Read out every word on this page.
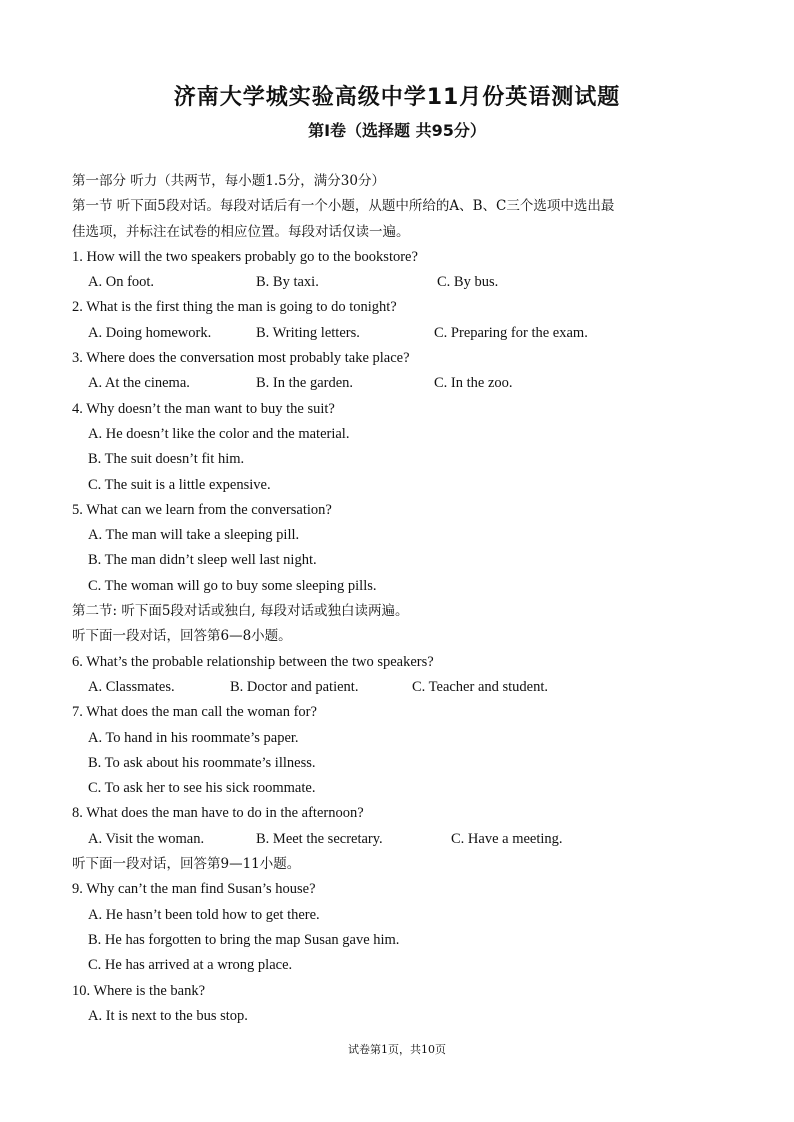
济南大学城实验高级中学11月份英语测试题
第Ⅰ卷（选择题 共95分）
第一部分 听力（共两节，每小题1.5分，满分30分）
第一节 听下面5段对话。每段对话后有一个小题，从题中所给的A、B、C三个选项中选出最
佳选项，并标注在试卷的相应位置。每段对话仅读一遍。
1. How will the two speakers probably go to the bookstore?
A. On foot.	B. By taxi.	C. By bus.
2. What is the first thing the man is going to do tonight?
A. Doing homework.	B. Writing letters.	C. Preparing for the exam.
3. Where does the conversation most probably take place?
A. At the cinema.	B. In the garden.	C. In the zoo.
4. Why doesn’t the man want to buy the suit?
A. He doesn’t like the color and the material.
B. The suit doesn’t fit him.
C. The suit is a little expensive.
5. What can we learn from the conversation?
A. The man will take a sleeping pill.
B. The man didn’t sleep well last night.
C. The woman will go to buy some sleeping pills.
第二节: 听下面5段对话或独白, 每段对话或独白读两遍。
听下面一段对话，回答第6—8小题。
6. What’s the probable relationship between the two speakers?
A. Classmates.	B. Doctor and patient.	C. Teacher and student.
7. What does the man call the woman for?
A. To hand in his roommate’s paper.
B. To ask about his roommate’s illness.
C. To ask her to see his sick roommate.
8. What does the man have to do in the afternoon?
A. Visit the woman.	B. Meet the secretary.	C. Have a meeting.
听下面一段对话，回答第9—11小题。
9. Why can’t the man find Susan’s house?
A. He hasn’t been told how to get there.
B. He has forgotten to bring the map Susan gave him.
C. He has arrived at a wrong place.
10. Where is the bank?
A. It is next to the bus stop.
试卷第1页，共10页
